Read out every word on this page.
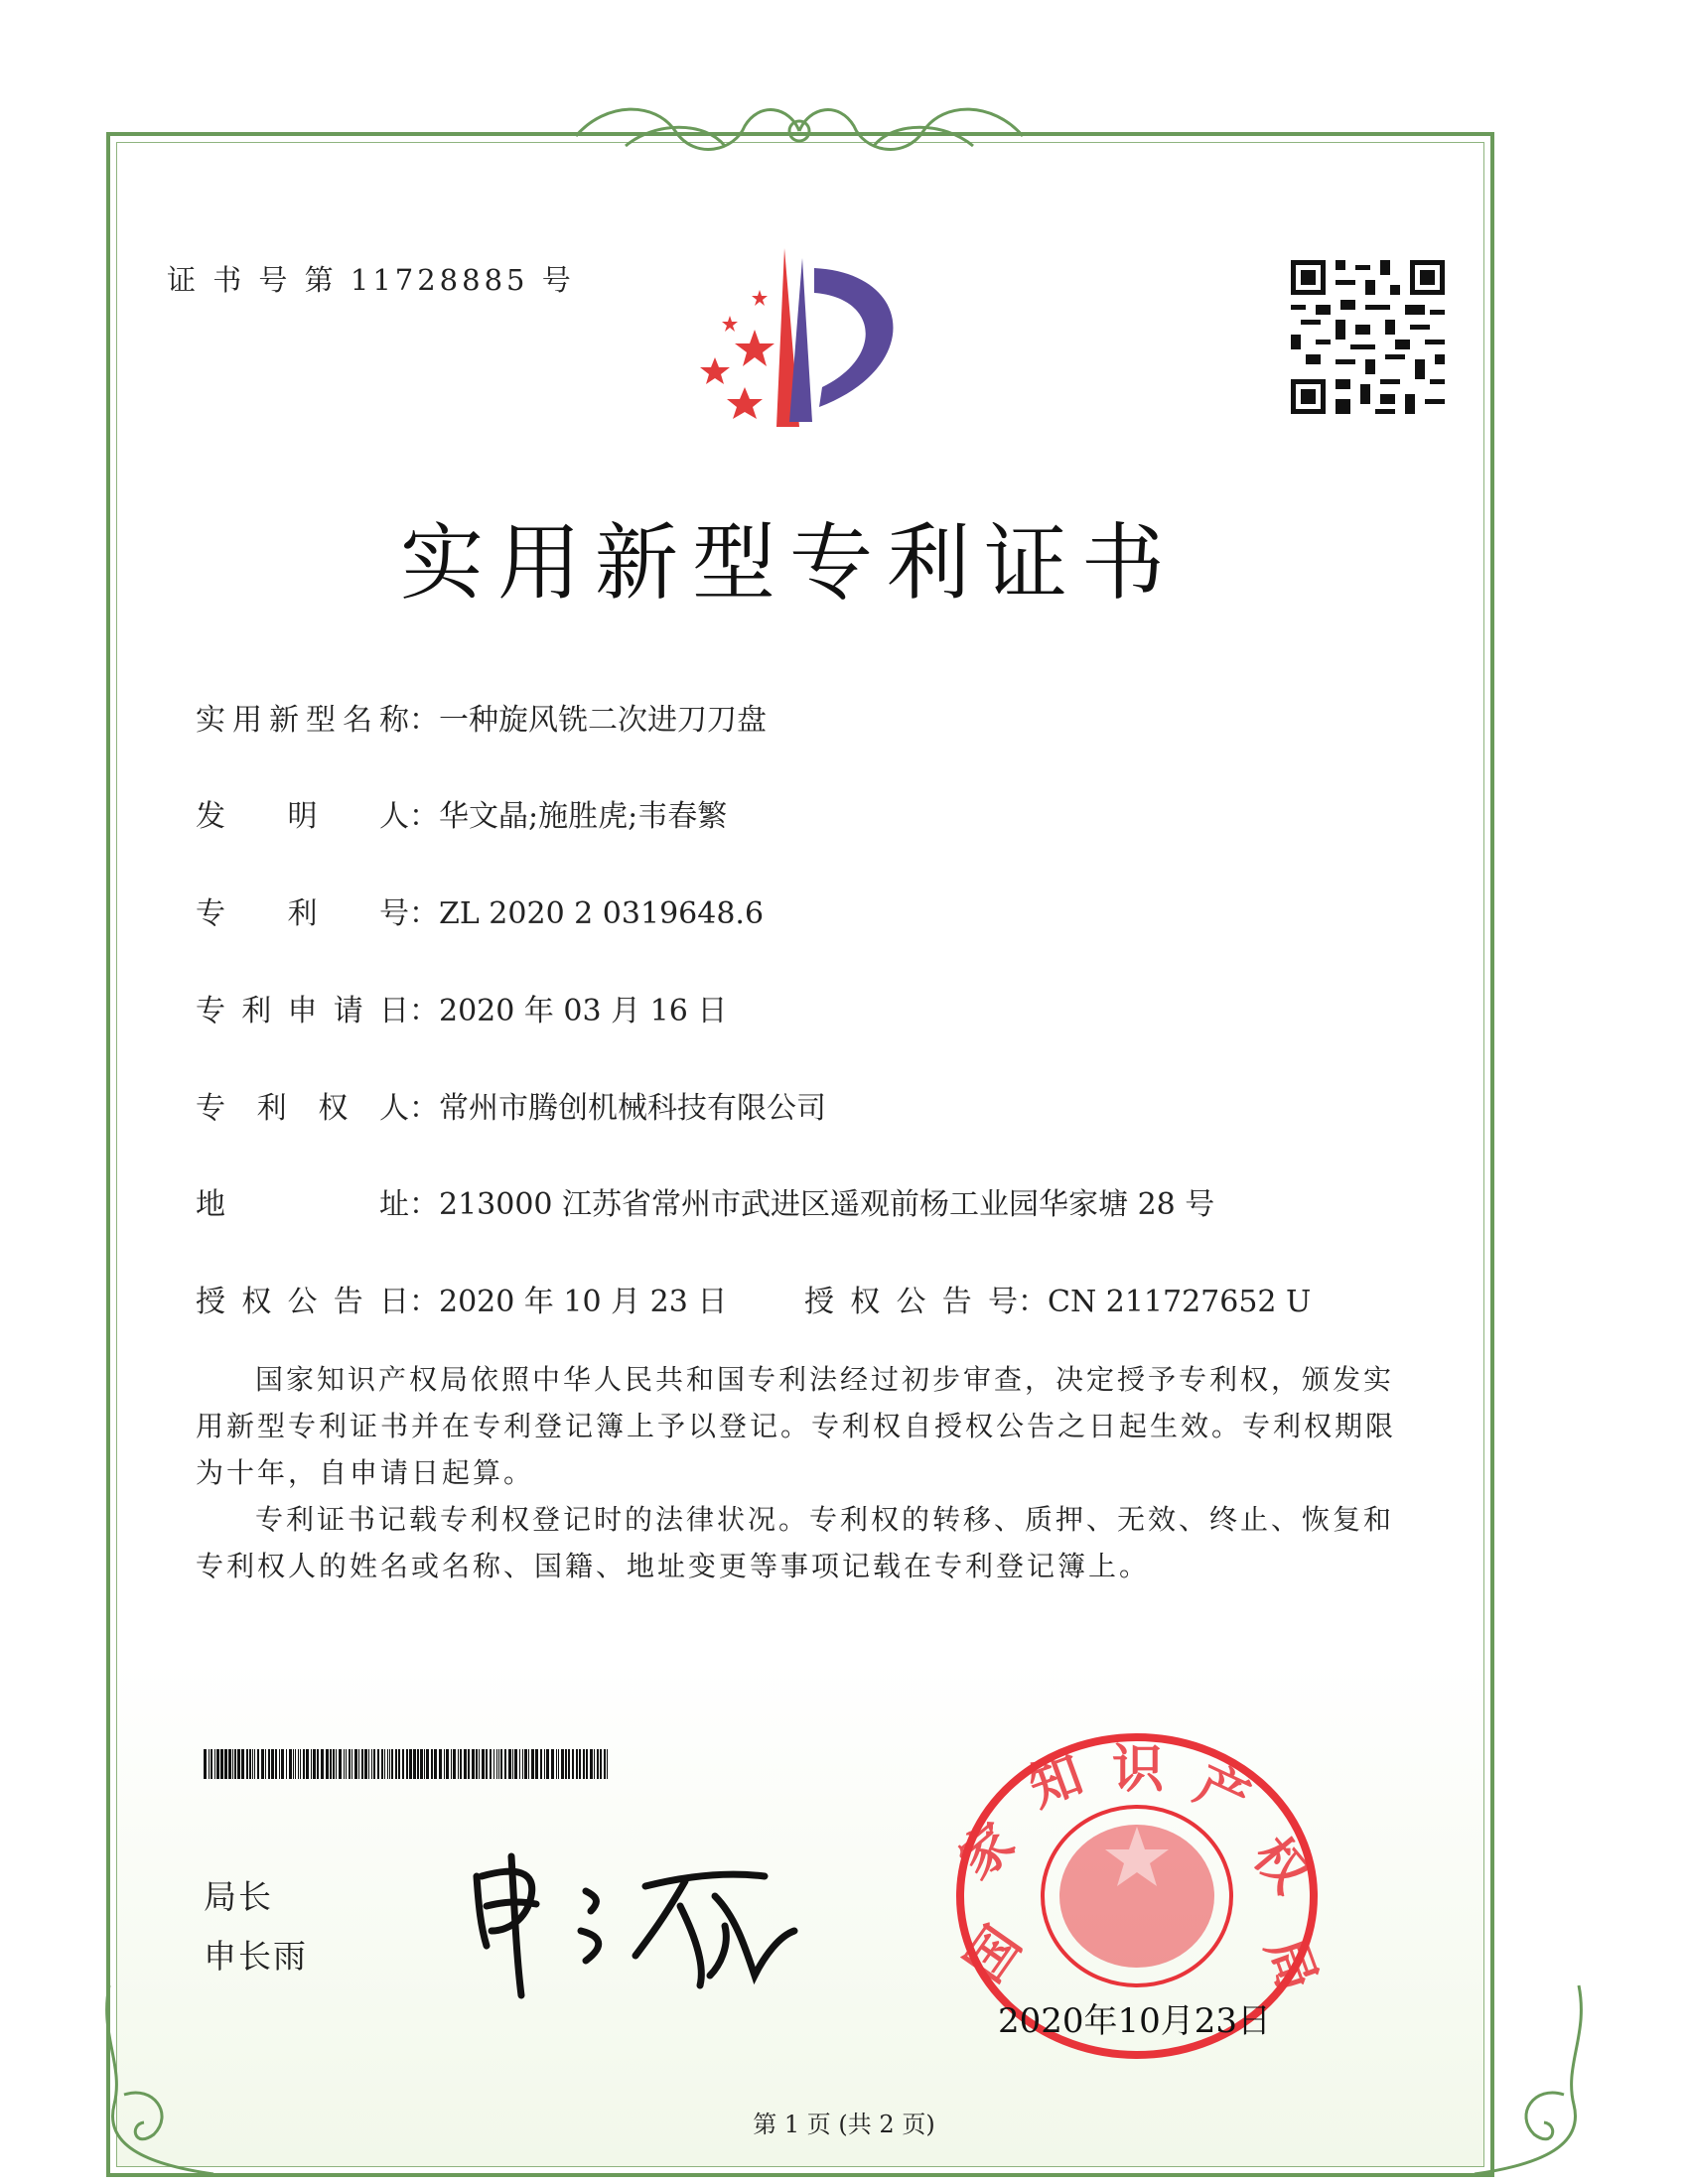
证 书 号 第 11728885 号
实用新型专利证书
实用新型名称：一种旋风铣二次进刀刀盘
发明人：华文晶;施胜虎;韦春繁
专利号：ZL 2020 2 0319648.6
专利申请日：2020 年 03 月 16 日
专利权人：常州市腾创机械科技有限公司
地址：213000 江苏省常州市武进区遥观前杨工业园华家塘 28 号
授权公告日：2020 年 10 月 23 日	授权公告号：CN 211727652 U

国家知识产权局依照中华人民共和国专利法经过初步审查，决定授予专利权，颁发实用新型专利证书并在专利登记簿上予以登记。专利权自授权公告之日起生效。专利权期限为十年，自申请日起算。

专利证书记载专利权登记时的法律状况。专利权的转移、质押、无效、终止、恢复和专利权人的姓名或名称、国籍、地址变更等事项记载在专利登记簿上。

局长
申长雨	国
家
知 识 产
权
局
2020年10月23日
第 1 页 (共 2 页)
